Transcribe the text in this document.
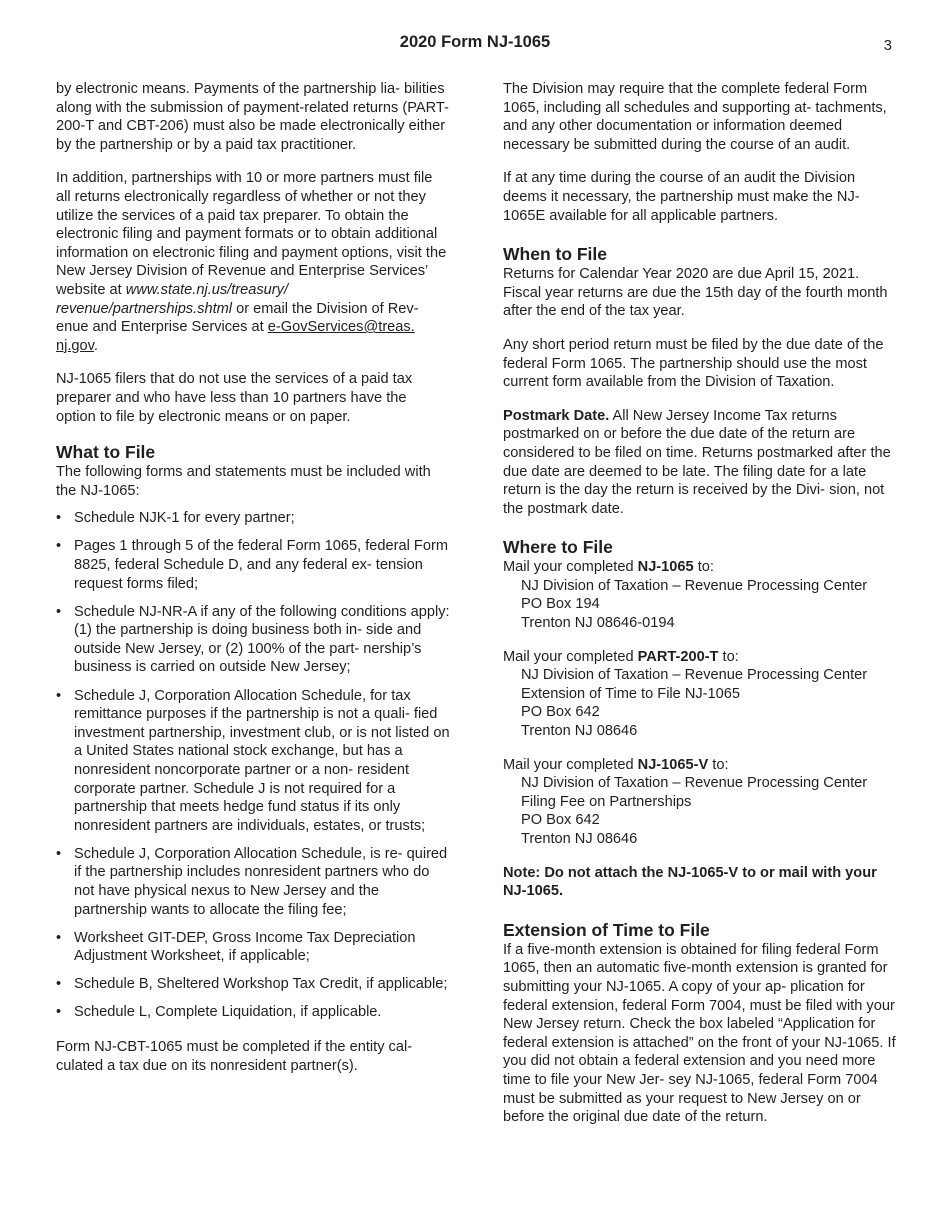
2020 Form NJ-1065	3

by electronic means. Payments of the partnership lia- bilities along with the submission of payment-related returns (PART-200-T and CBT-206) must also be made electronically either by the partnership or by a paid tax practitioner.

In addition, partnerships with 10 or more partners must file all returns electronically regardless of whether or not they utilize the services of a paid tax preparer. To obtain the electronic filing and payment formats or to obtain additional information on electronic filing and payment options, visit the New Jersey Division of Revenue and Enterprise Services’ website at www.state.nj.us/treasury/ revenue/partnerships.shtml or email the Division of Rev- enue and Enterprise Services at e-GovServices@treas. nj.gov.

NJ-1065 filers that do not use the services of a paid tax preparer and who have less than 10 partners have the option to file by electronic means or on paper.

What to File

The following forms and statements must be included with the NJ-1065:

• Schedule NJK-1 for every partner;
• Pages 1 through 5 of the federal Form 1065, federal Form 8825, federal Schedule D, and any federal ex- tension request forms filed;
• Schedule NJ-NR-A if any of the following conditions apply: (1) the partnership is doing business both in- side and outside New Jersey, or (2) 100% of the part- nership’s business is carried on outside New Jersey;
• Schedule J, Corporation Allocation Schedule, for tax remittance purposes if the partnership is not a quali- fied investment partnership, investment club, or is not listed on a United States national stock exchange, but has a nonresident noncorporate partner or a non- resident corporate partner. Schedule J is not required for a partnership that meets hedge fund status if its only nonresident partners are individuals, estates, or trusts;
• Schedule J, Corporation Allocation Schedule, is re- quired if the partnership includes nonresident partners who do not have physical nexus to New Jersey and the partnership wants to allocate the filing fee;
• Worksheet GIT-DEP, Gross Income Tax Depreciation Adjustment Worksheet, if applicable;
• Schedule B, Sheltered Workshop Tax Credit, if applicable;
• Schedule L, Complete Liquidation, if applicable.

Form NJ-CBT-1065 must be completed if the entity cal- culated a tax due on its nonresident partner(s).

The Division may require that the complete federal Form 1065, including all schedules and supporting at- tachments, and any other documentation or information deemed necessary be submitted during the course of an audit.

If at any time during the course of an audit the Division deems it necessary, the partnership must make the NJ-1065E available for all applicable partners.

When to File

Returns for Calendar Year 2020 are due April 15, 2021. Fiscal year returns are due the 15th day of the fourth month after the end of the tax year.

Any short period return must be filed by the due date of the federal Form 1065. The partnership should use the most current form available from the Division of Taxation.

Postmark Date. All New Jersey Income Tax returns postmarked on or before the due date of the return are considered to be filed on time. Returns postmarked after the due date are deemed to be late. The filing date for a late return is the day the return is received by the Divi- sion, not the postmark date.

Where to File
Mail your completed NJ-1065 to:
NJ Division of Taxation – Revenue Processing Center
PO Box 194
Trenton NJ 08646-0194
Mail your completed PART-200-T to:
NJ Division of Taxation – Revenue Processing Center
Extension of Time to File NJ-1065
PO Box 642
Trenton NJ 08646
Mail your completed NJ-1065-V to:
NJ Division of Taxation – Revenue Processing Center
Filing Fee on Partnerships
PO Box 642
Trenton NJ 08646

Note: Do not attach the NJ-1065-V to or mail with your NJ-1065.

Extension of Time to File

If a five-month extension is obtained for filing federal Form 1065, then an automatic five-month extension is granted for submitting your NJ-1065. A copy of your ap- plication for federal extension, federal Form 7004, must be filed with your New Jersey return. Check the box labeled “Application for federal extension is attached” on the front of your NJ-1065. If you did not obtain a federal extension and you need more time to file your New Jer- sey NJ-1065, federal Form 7004 must be submitted as your request to New Jersey on or before the original due date of the return.
